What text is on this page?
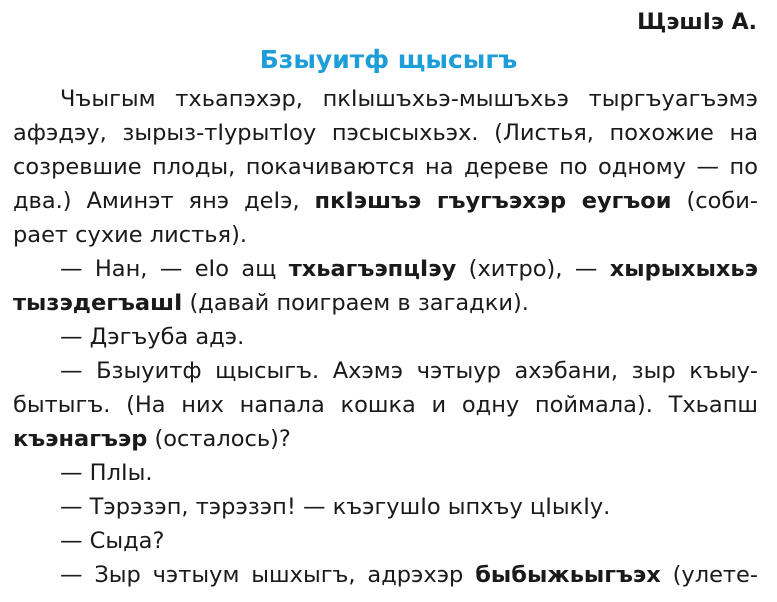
ЩэшӀэ А.
Бзыуитф щысыгъ
Чъыгым тхьапэхэр, пкӀышъхьэ-мышъхьэ тыргъуагъэмэ
афэдэу, зырыз-тӀурытӀоу пэсысыхьэх. (Листья, похожие на
созревшие плоды, покачиваются на дереве по одному — по
два.) Аминэт янэ деӀэ, пкӀэшъэ гъугъэхэр еугъои (соби-
рает сухие листья).
— Нан, — еӀо ащ тхьагъэпцӀэу (хитро), — хырыхыхьэ
тызэдегъашӀ (давай поиграем в загадки).
— Дэгъуба адэ.
— Бзыуитф щысыгъ. Ахэмэ чэтыур ахэбани, зыр къыу-
бытыгъ. (На них напала кошка и одну поймала). Тхьапш
къэнагъэр (осталось)?
— ПлӀы.
— Тэрэзэп, тэрэзэп! — къэгушӀо ыпхъу цӀыкӀу.
— Сыда?
— Зыр чэтыум ышхыгъ, адрэхэр быбыжьыгъэх (улете-
